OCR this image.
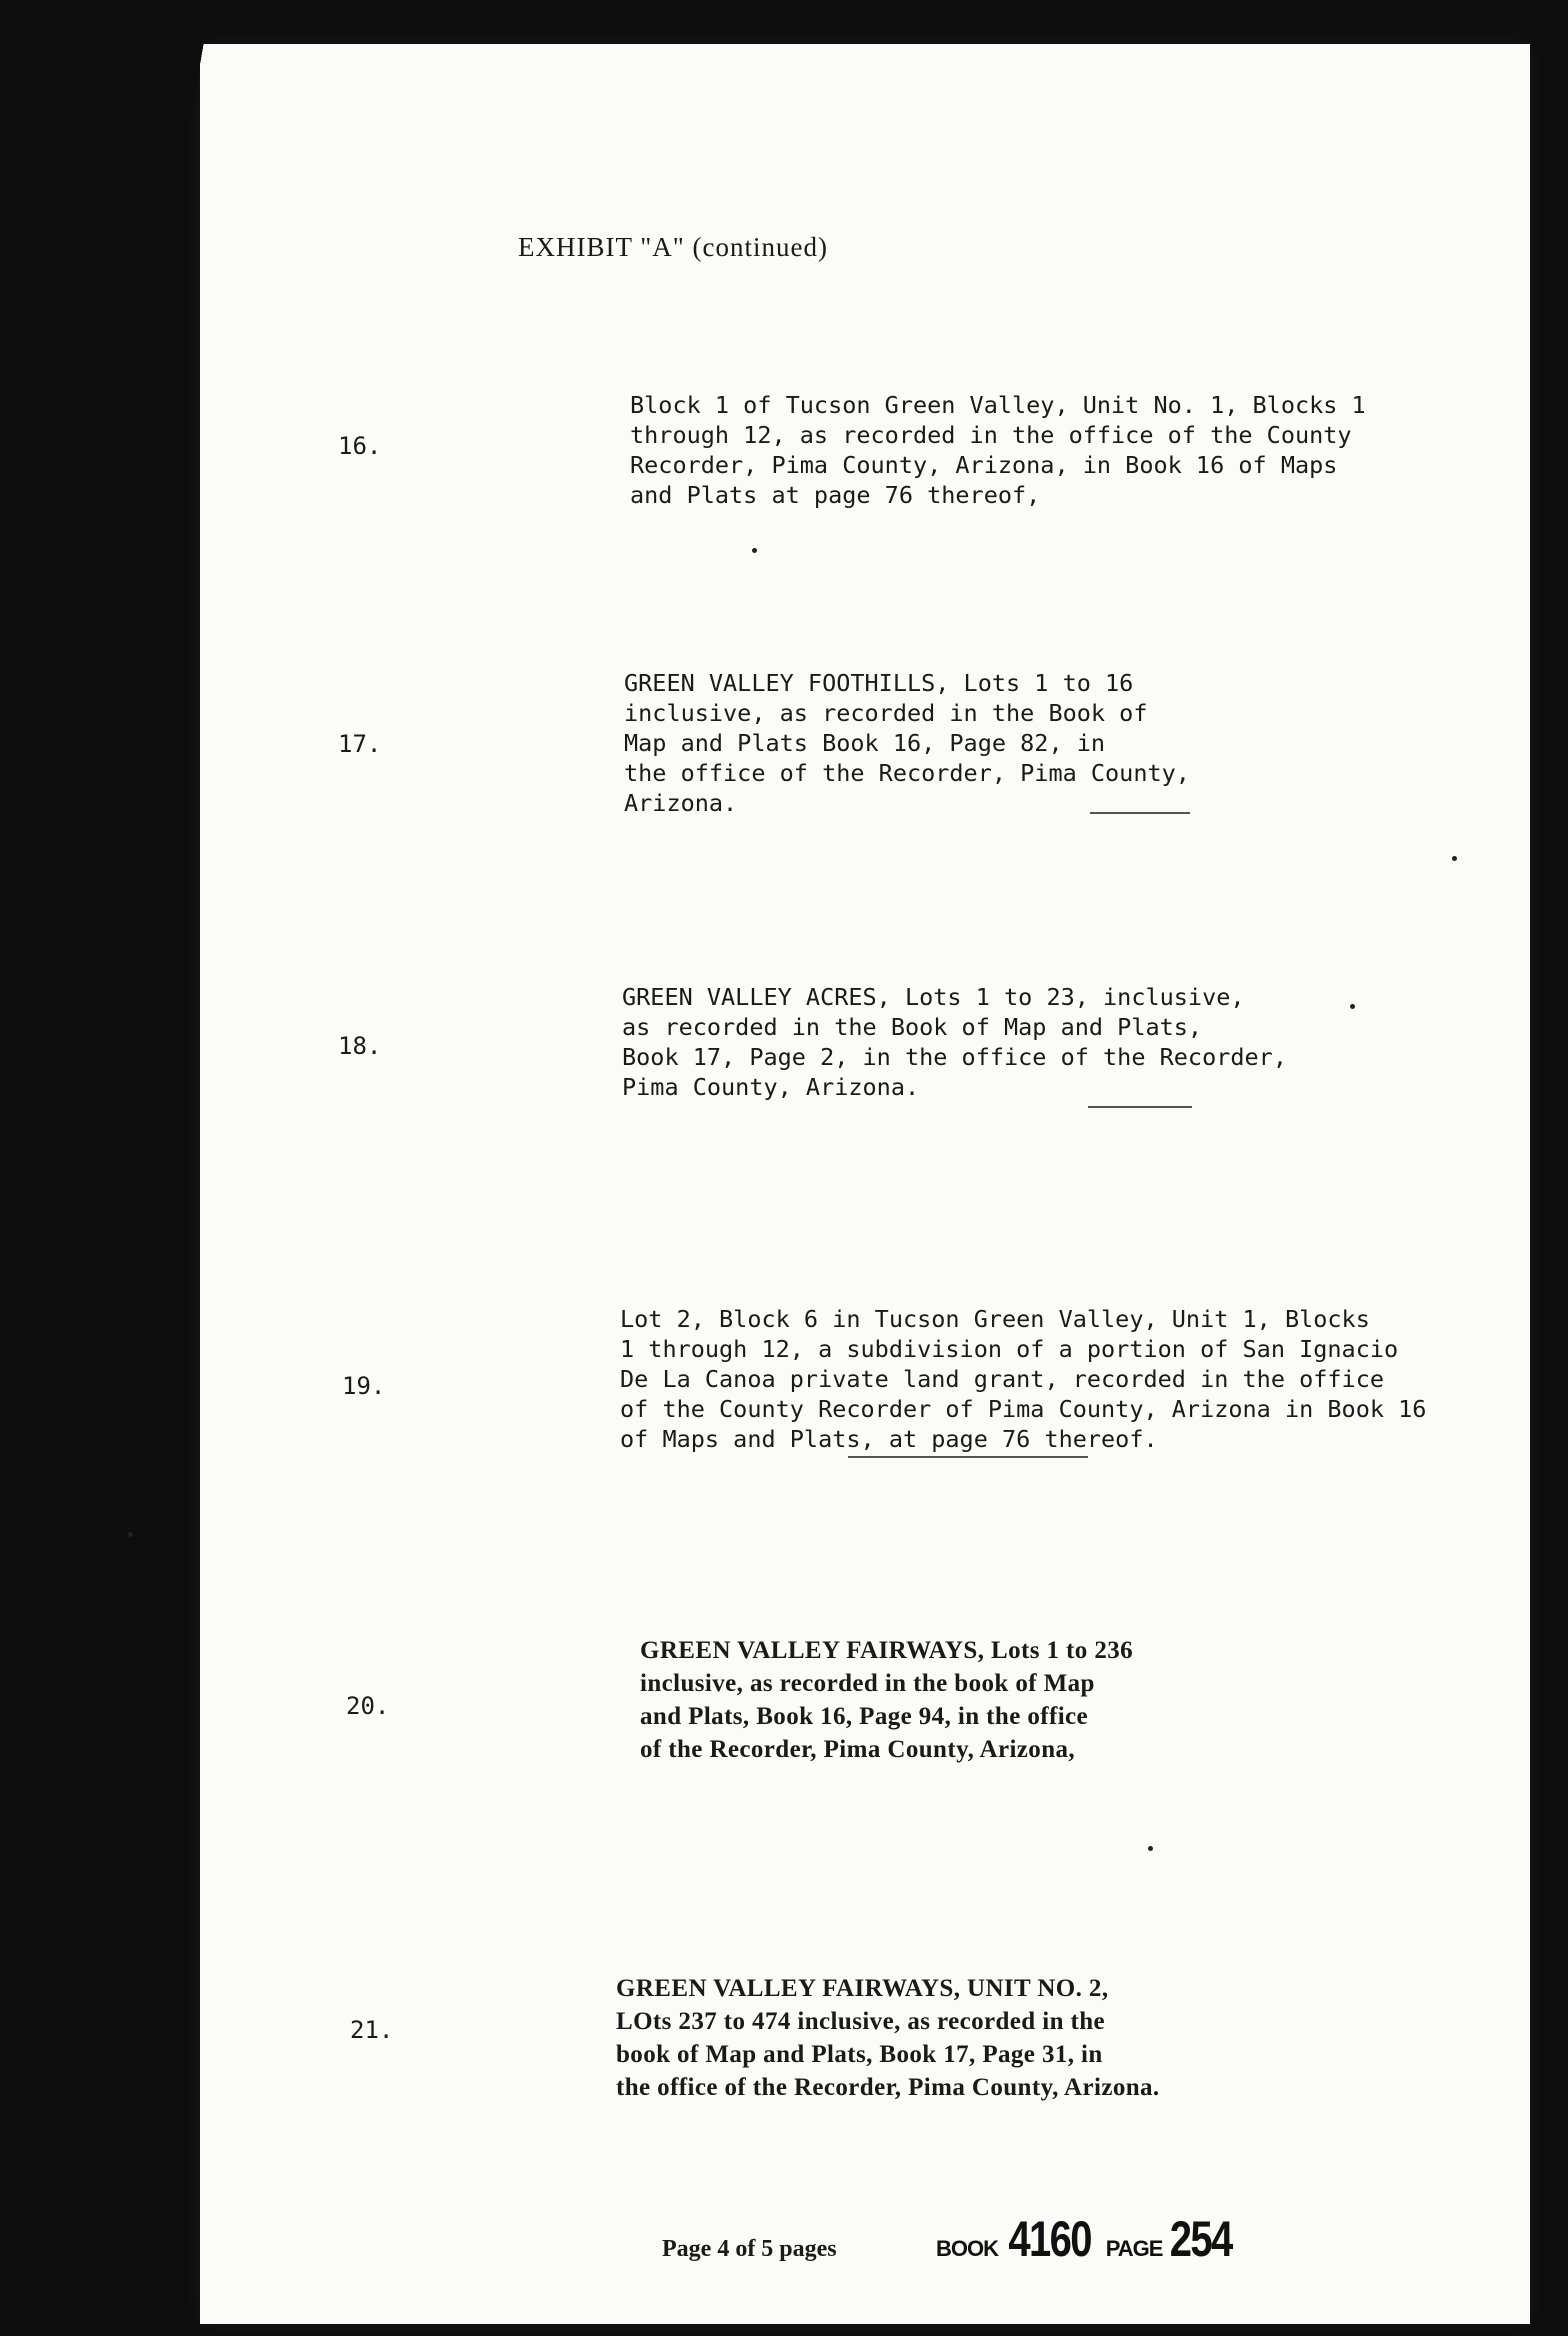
EXHIBIT "A" (continued)
16.
Block 1 of Tucson Green Valley, Unit No. 1, Blocks 1
through 12, as recorded in the office of the County
Recorder, Pima County, Arizona, in Book 16 of Maps
and Plats at page 76 thereof,
17.
GREEN VALLEY FOOTHILLS, Lots 1 to 16
inclusive, as recorded in the Book of
Map and Plats Book 16, Page 82, in
the office of the Recorder, Pima County,
Arizona.
18.
GREEN VALLEY ACRES, Lots 1 to 23, inclusive,
as recorded in the Book of Map and Plats,
Book 17, Page 2, in the office of the Recorder,
Pima County, Arizona.
19.
Lot 2, Block 6 in Tucson Green Valley, Unit 1, Blocks
1 through 12, a subdivision of a portion of San Ignacio
De La Canoa private land grant, recorded in the office
of the County Recorder of Pima County, Arizona in Book 16
of Maps and Plats, at page 76 thereof.
20.
GREEN VALLEY FAIRWAYS, Lots 1 to 236
inclusive, as recorded in the book of Map
and Plats, Book 16, Page 94, in the office
of the Recorder, Pima County, Arizona,
21.
GREEN VALLEY FAIRWAYS, UNIT NO. 2,
LOts 237 to 474 inclusive, as recorded in the
book of Map and Plats, Book 17, Page 31, in
the office of the Recorder, Pima County, Arizona.
Page 4 of 5 pages	BOOK 4160 PAGE 254
